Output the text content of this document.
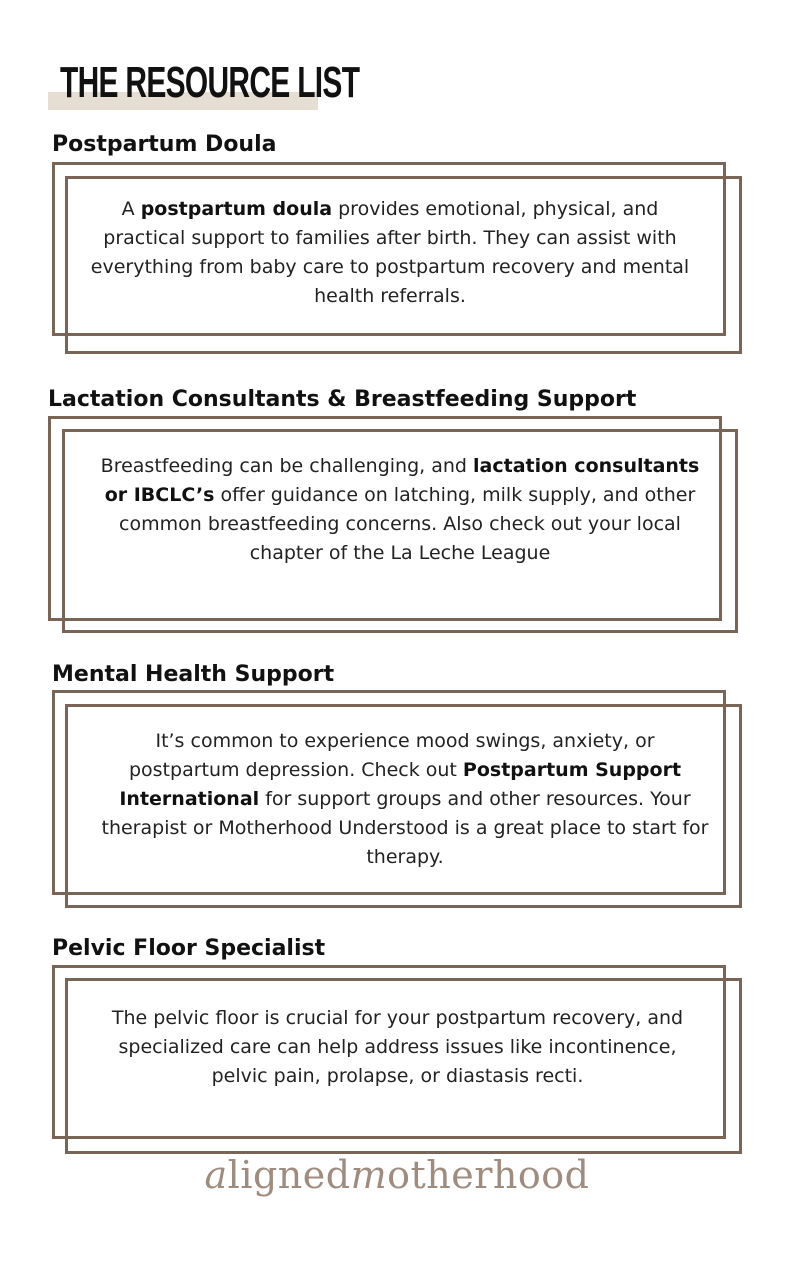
THE RESOURCE LIST
Postpartum Doula

A postpartum doula provides emotional, physical, and practical support to families after birth. They can assist with everything from baby care to postpartum recovery and mental health referrals.

Lactation Consultants & Breastfeeding Support

Breastfeeding can be challenging, and lactation consultants or IBCLC’s offer guidance on latching, milk supply, and other common breastfeeding concerns. Also check out your local chapter of the La Leche League

Mental Health Support

It’s common to experience mood swings, anxiety, or postpartum depression. Check out Postpartum Support International for support groups and other resources. Your therapist or Motherhood Understood is a great place to start for therapy.

Pelvic Floor Specialist

The pelvic floor is crucial for your postpartum recovery, and specialized care can help address issues like incontinence, pelvic pain, prolapse, or diastasis recti.

alignedmotherhood
